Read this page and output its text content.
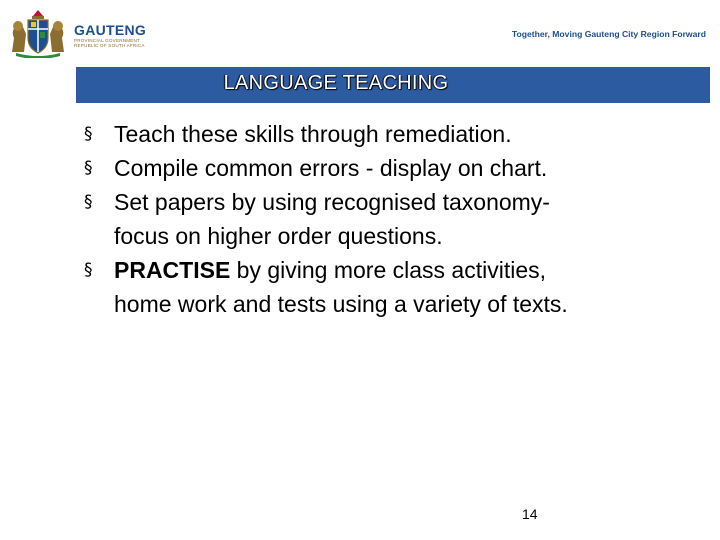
GAUTENG
PROVINCIAL GOVERNMENT
REPUBLIC OF SOUTH AFRICA
Together, Moving Gauteng City Region Forward
LANGUAGE TEACHING
§ Teach these skills through remediation.
§ Compile common errors - display on chart.
§ Set papers by using recognised taxonomy-
focus on higher order questions.
§ PRACTISE by giving more class activities,
home work and tests using a variety of texts.
14
